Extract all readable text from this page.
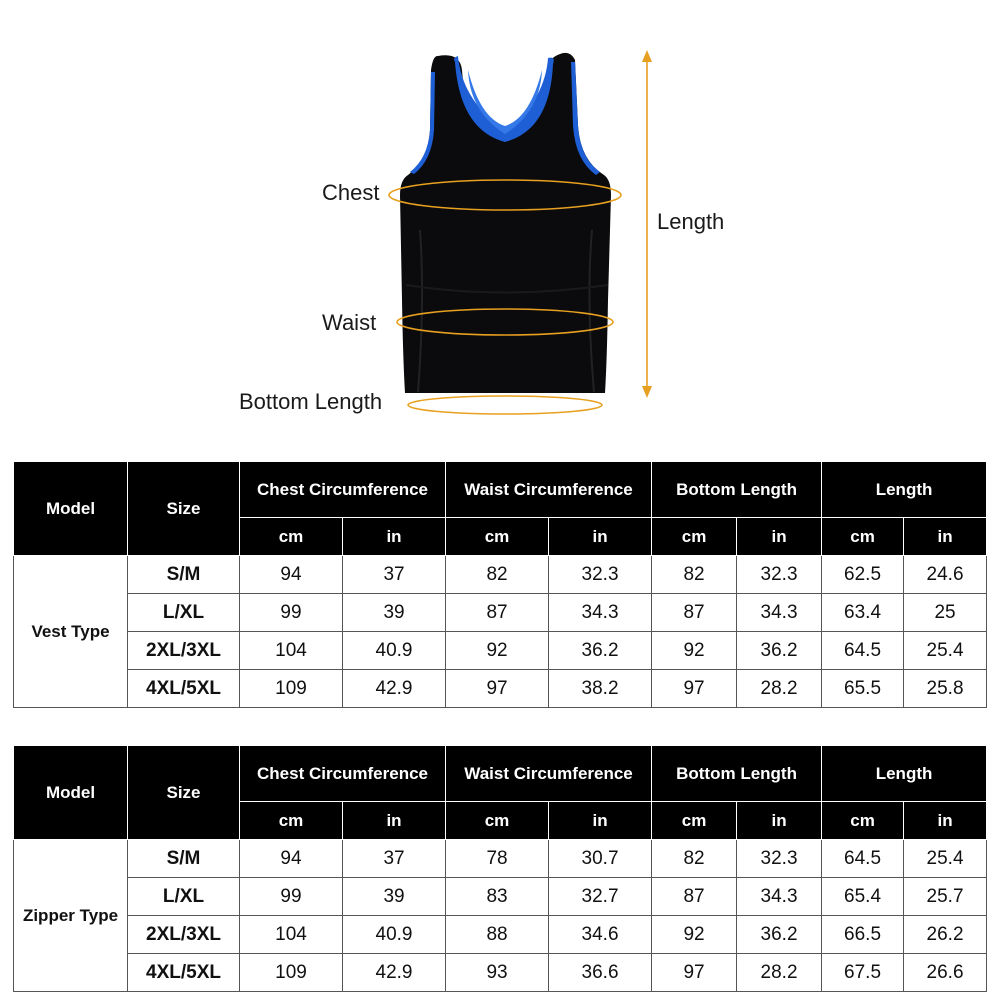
Chest
Waist
Bottom Length
Length
Model	Size	Chest Circumference		Waist Circumference		Bottom Length		Length	
		cm	in	cm	in	cm	in	cm	in
Vest Type	S/M	94	37	82	32.3	82	32.3	62.5	24.6
	L/XL	99	39	87	34.3	87	34.3	63.4	25
	2XL/3XL	104	40.9	92	36.2	92	36.2	64.5	25.4
	4XL/5XL	109	42.9	97	38.2	97	28.2	65.5	25.8
Model	Size	Chest Circumference		Waist Circumference		Bottom Length		Length	
		cm	in	cm	in	cm	in	cm	in
Zipper Type	S/M	94	37	78	30.7	82	32.3	64.5	25.4
	L/XL	99	39	83	32.7	87	34.3	65.4	25.7
	2XL/3XL	104	40.9	88	34.6	92	36.2	66.5	26.2
	4XL/5XL	109	42.9	93	36.6	97	28.2	67.5	26.6
